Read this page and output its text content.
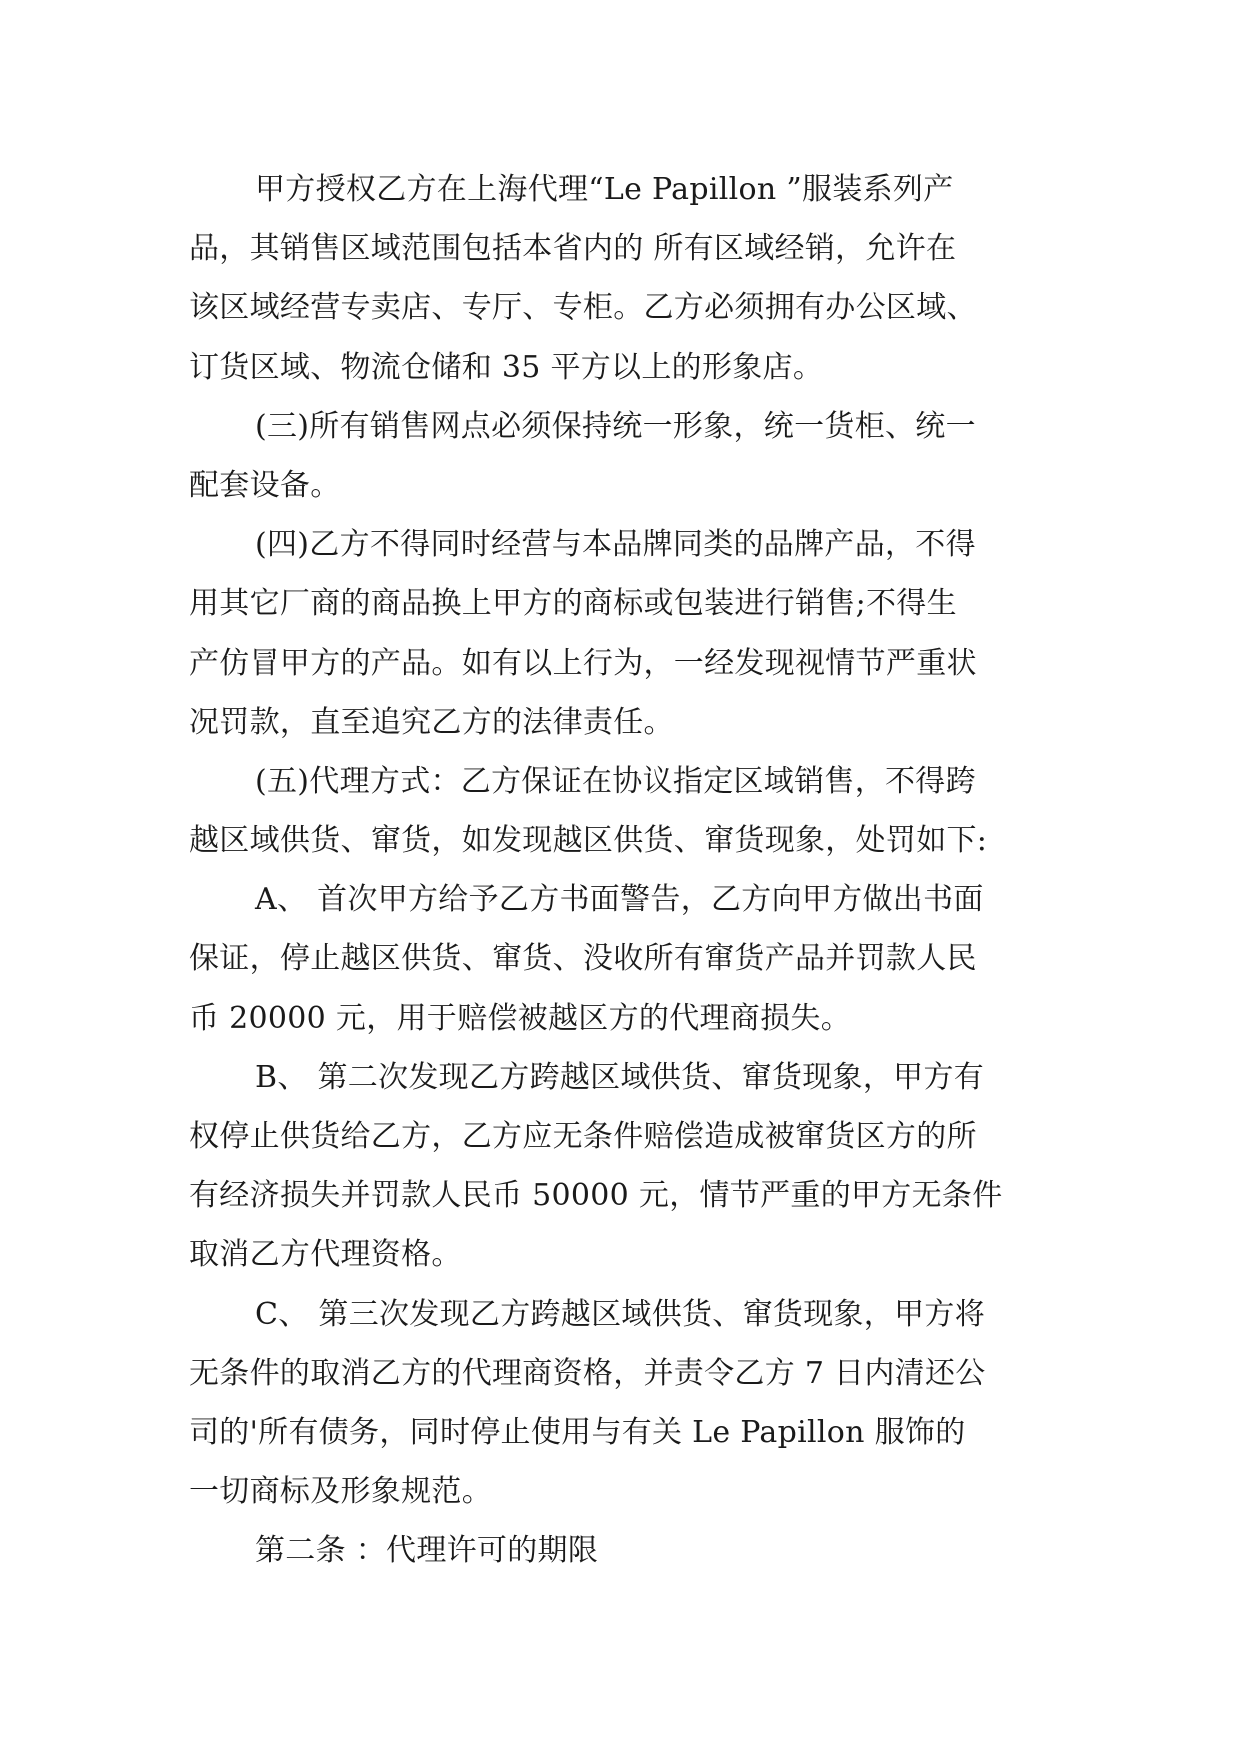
甲方授权乙方在上海代理“Le Papillon ”服装系列产
品，其销售区域范围包括本省内的 所有区域经销，允许在
该区域经营专卖店、专厅、专柜。乙方必须拥有办公区域、
订货区域、物流仓储和 35 平方以上的形象店。
(三)所有销售网点必须保持统一形象，统一货柜、统一
配套设备。
(四)乙方不得同时经营与本品牌同类的品牌产品，不得
用其它厂商的商品换上甲方的商标或包装进行销售;不得生
产仿冒甲方的产品。如有以上行为，一经发现视情节严重状
况罚款，直至追究乙方的法律责任。
(五)代理方式：乙方保证在协议指定区域销售，不得跨
越区域供货、窜货，如发现越区供货、窜货现象，处罚如下:
A、 首次甲方给予乙方书面警告，乙方向甲方做出书面
保证，停止越区供货、窜货、没收所有窜货产品并罚款人民
币 20000 元，用于赔偿被越区方的代理商损失。
B、 第二次发现乙方跨越区域供货、窜货现象，甲方有
权停止供货给乙方，乙方应无条件赔偿造成被窜货区方的所
有经济损失并罚款人民币 50000 元，情节严重的甲方无条件
取消乙方代理资格。
C、 第三次发现乙方跨越区域供货、窜货现象，甲方将
无条件的取消乙方的代理商资格，并责令乙方 7 日内清还公
司的'所有债务，同时停止使用与有关 Le Papillon 服饰的
一切商标及形象规范。
第二条 ：代理许可的期限
